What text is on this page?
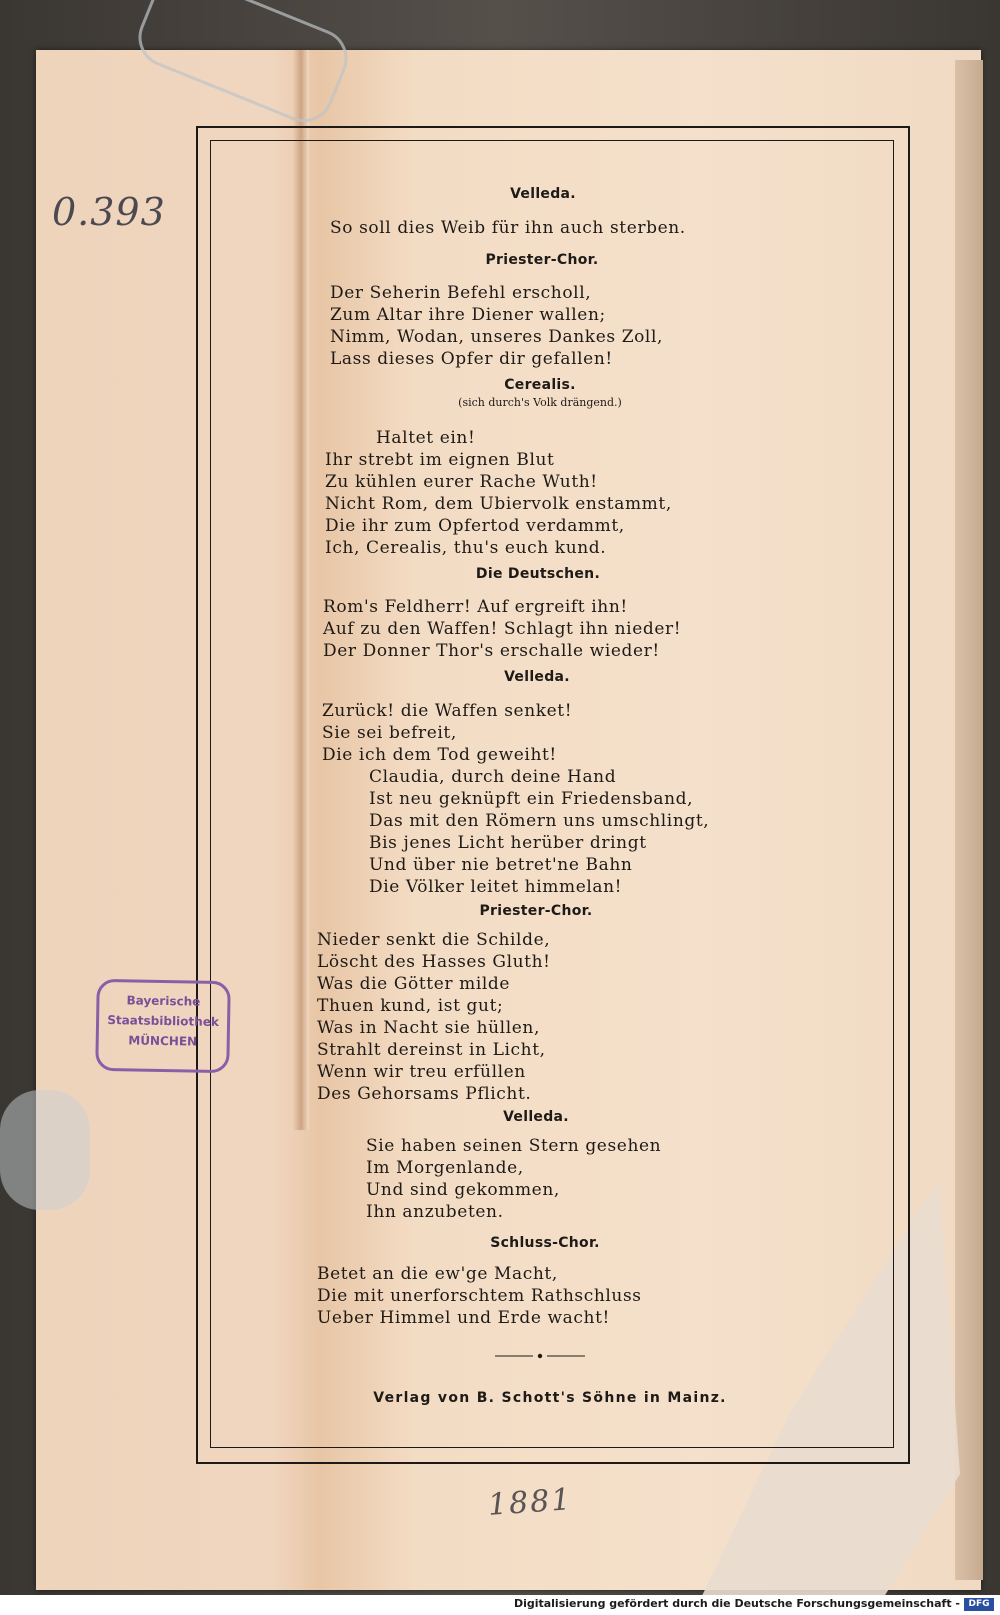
0.393
Bayerische
Staatsbibliothek
MÜNCHEN
Velleda.
So soll dies Weib für ihn auch sterben.
Priester-Chor.
Der Seherin Befehl erscholl,
Zum Altar ihre Diener wallen;
Nimm, Wodan, unseres Dankes Zoll,
Lass dieses Opfer dir gefallen!
Cerealis.
(sich durch's Volk drängend.)
Haltet ein!
Ihr strebt im eignen Blut
Zu kühlen eurer Rache Wuth!
Nicht Rom, dem Ubiervolk enstammt,
Die ihr zum Opfertod verdammt,
Ich, Cerealis, thu's euch kund.
Die Deutschen.
Rom's Feldherr! Auf ergreift ihn!
Auf zu den Waffen! Schlagt ihn nieder!
Der Donner Thor's erschalle wieder!
Velleda.
Zurück! die Waffen senket!
Sie sei befreit,
Die ich dem Tod geweiht!
Claudia, durch deine Hand
Ist neu geknüpft ein Friedensband,
Das mit den Römern uns umschlingt,
Bis jenes Licht herüber dringt
Und über nie betret'ne Bahn
Die Völker leitet himmelan!
Priester-Chor.
Nieder senkt die Schilde,
Löscht des Hasses Gluth!
Was die Götter milde
Thuen kund, ist gut;
Was in Nacht sie hüllen,
Strahlt dereinst in Licht,
Wenn wir treu erfüllen
Des Gehorsams Pflicht.
Velleda.
Sie haben seinen Stern gesehen
Im Morgenlande,
Und sind gekommen,
Ihn anzubeten.
Schluss-Chor.
Betet an die ew'ge Macht,
Die mit unerforschtem Rathschluss
Ueber Himmel und Erde wacht!
Verlag von B. Schott's Söhne in Mainz.
1881
Digitalisierung gefördert durch die Deutsche Forschungsgemeinschaft - DFG
